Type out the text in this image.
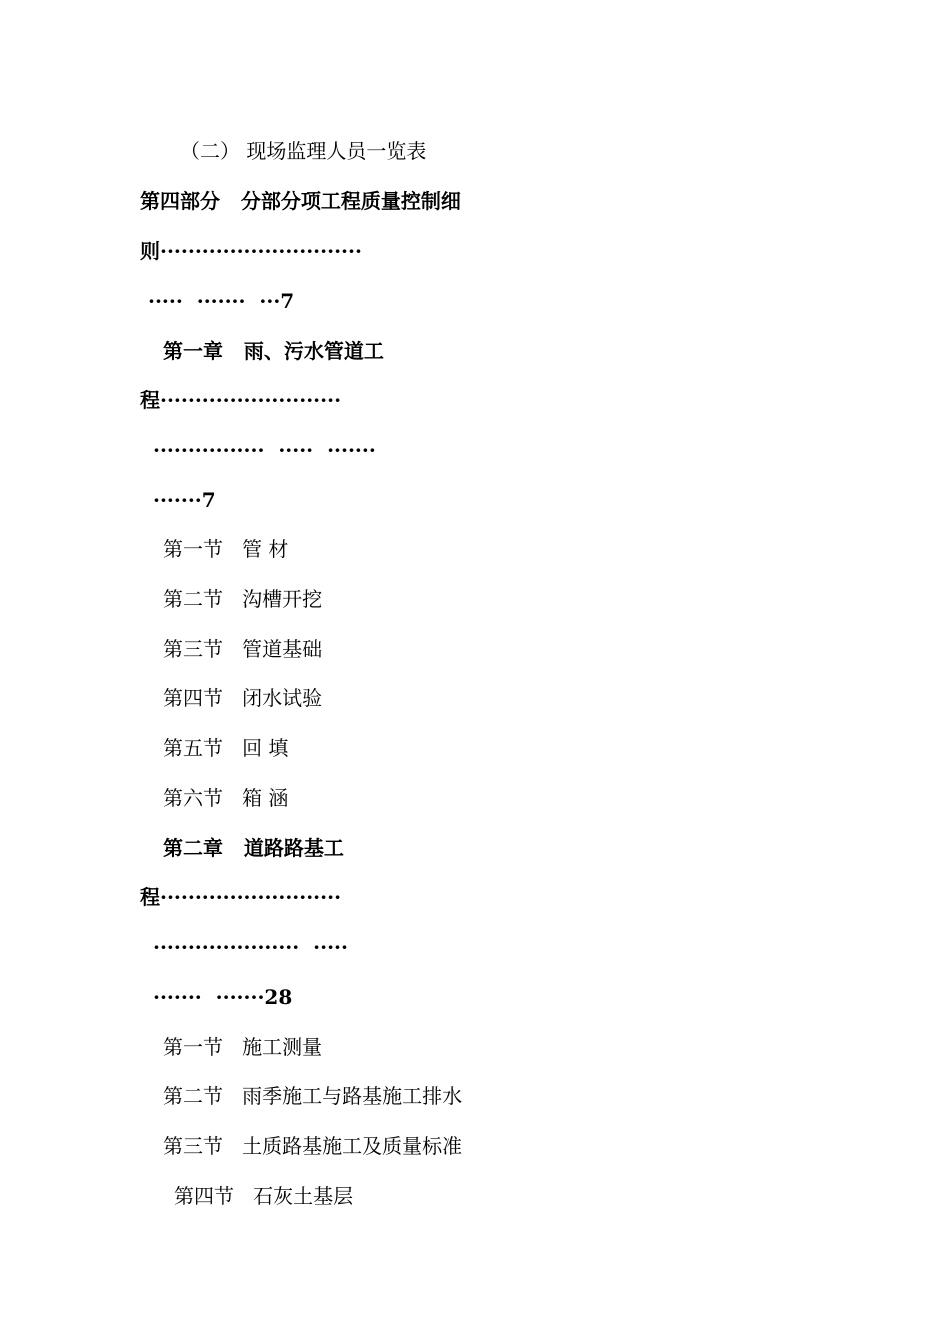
（二） 现场监理人员一览表
第四部分   分部分项工程质量控制细
则·····························
·····  ·······  ···7
第一章   雨、污水管道工
程··························
················  ·····  ·······
·······7
第一节   管 材
第二节   沟槽开挖
第三节   管道基础
第四节   闭水试验
第五节   回 填
第六节   箱 涵
第二章   道路路基工
程··························
·····················  ·····
·······  ·······28
第一节   施工测量
第二节   雨季施工与路基施工排水
第三节   土质路基施工及质量标准
第四节   石灰土基层
